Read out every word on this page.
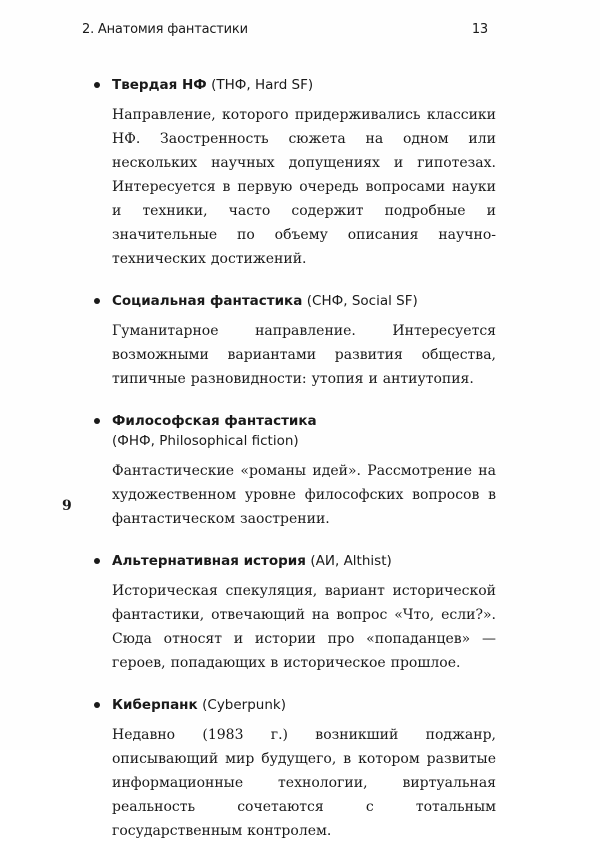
2. Анатомия фантастики	13
9
Твердая НФ (ТНФ, Hard SF)

Направление, которого придерживались классики НФ. Заостренность сюжета на одном или нескольких научных допущениях и гипотезах. Интересуется в первую очередь вопросами науки и техники, часто содержит подробные и значительные по объему описания научно-технических достижений.

Социальная фантастика (СНФ, Social SF)

Гуманитарное направление. Интересуется возможными вариантами развития общества, типичные разновидности: утопия и антиутопия.

Философская фантастика
(ФНФ, Philosophical fiction)

Фантастические «романы идей». Рассмотрение на художественном уровне философских вопросов в фантастическом заострении.

Альтернативная история (АИ, Althist)

Историческая спекуляция, вариант исторической фантастики, отвечающий на вопрос «Что, если?». Сюда относят и истории про «попаданцев» — героев, попадающих в историческое прошлое.

Киберпанк (Cyberpunk)

Недавно (1983 г.) возникший поджанр, описывающий мир будущего, в котором развитые информационные технологии, виртуальная реальность сочетаются с тотальным государственным контролем.
